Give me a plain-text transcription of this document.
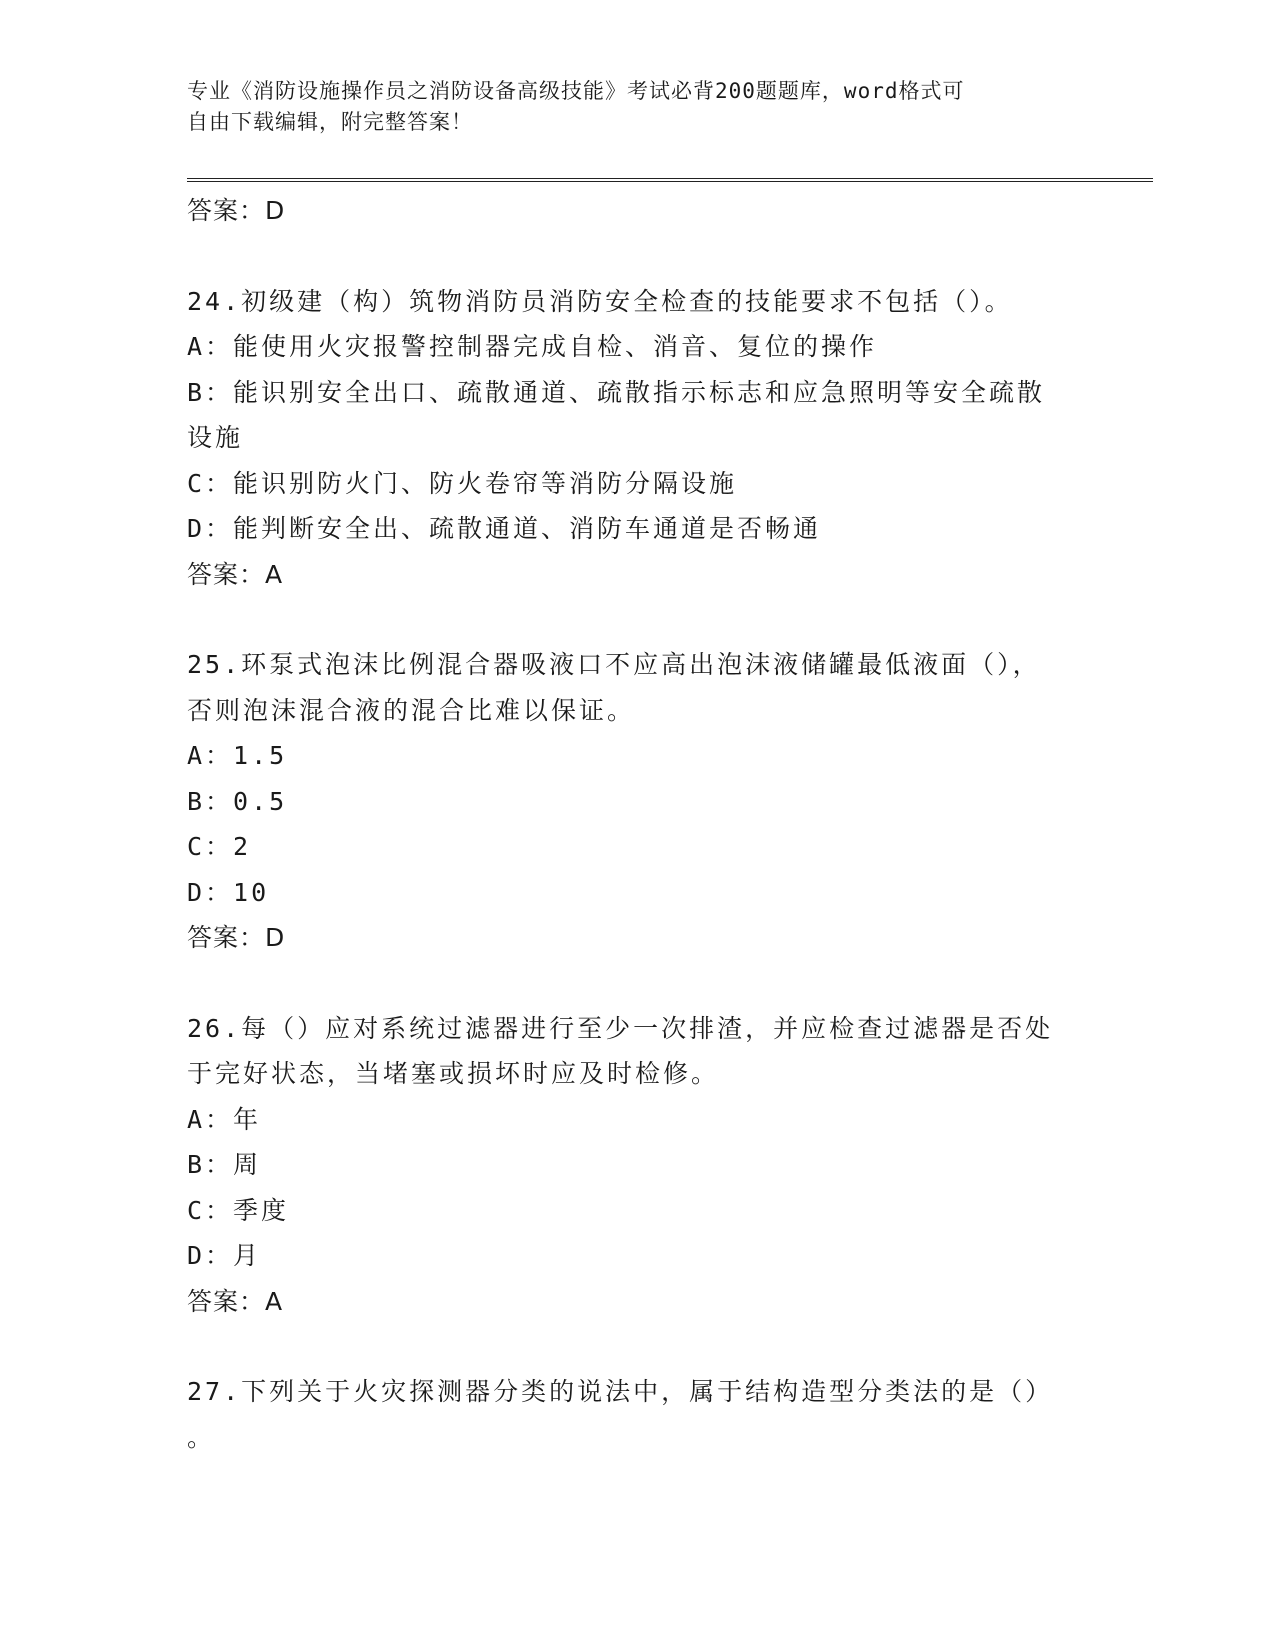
专业《消防设施操作员之消防设备高级技能》考试必背200题题库，word格式可
自由下载编辑，附完整答案！
答案：D
24.初级建（构）筑物消防员消防安全检查的技能要求不包括（）。
A：能使用火灾报警控制器完成自检、消音、复位的操作
B：能识别安全出口、疏散通道、疏散指示标志和应急照明等安全疏散
设施
C：能识别防火门、防火卷帘等消防分隔设施
D：能判断安全出、疏散通道、消防车通道是否畅通
答案：A
25.环泵式泡沫比例混合器吸液口不应高出泡沫液储罐最低液面（），
否则泡沫混合液的混合比难以保证。
A：1.5
B：0.5
C：2
D：10
答案：D
26.每（）应对系统过滤器进行至少一次排渣，并应检查过滤器是否处
于完好状态，当堵塞或损坏时应及时检修。
A：年
B：周
C：季度
D：月
答案：A
27.下列关于火灾探测器分类的说法中，属于结构造型分类法的是（）
。
